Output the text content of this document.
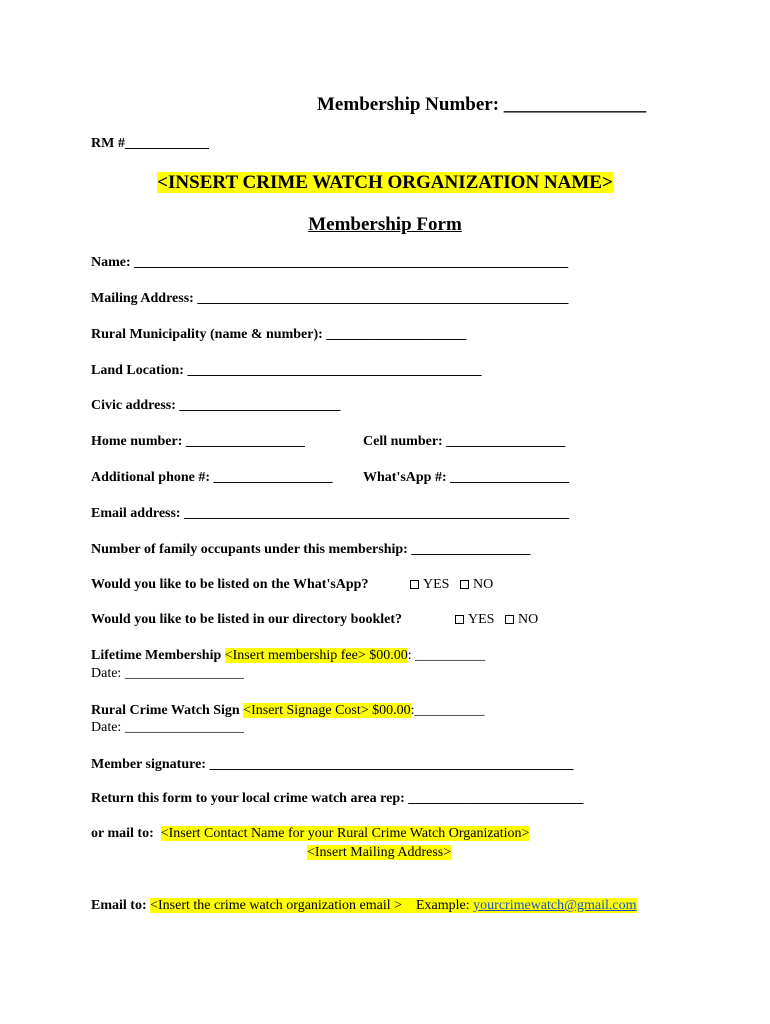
Membership Number: _______________
RM #____________
<INSERT CRIME WATCH ORGANIZATION NAME>
Membership Form
Name: ______________________________________________________________
Mailing Address: _____________________________________________________
Rural Municipality (name & number): ____________________
Land Location: __________________________________________
Civic address: _______________________
Home number: _________________	Cell number: _________________
Additional phone #: _________________ What'sApp #: _________________
Email address: _______________________________________________________
Number of family occupants under this membership: _________________
Would you like to be listed on the What'sApp?	YES NO
Would you like to be listed in our directory booklet?	YES NO
Lifetime Membership <Insert membership fee> $00.00: __________
Date: _________________
Rural Crime Watch Sign <Insert Signage Cost> $00.00:__________
Date: _________________
Member signature: ____________________________________________________
Return this form to your local crime watch area rep: _________________________
or mail to:  <Insert Contact Name for your Rural Crime Watch Organization>
<Insert Mailing Address>
Email to: <Insert the crime watch organization email >    Example: yourcrimewatch@gmail.com
